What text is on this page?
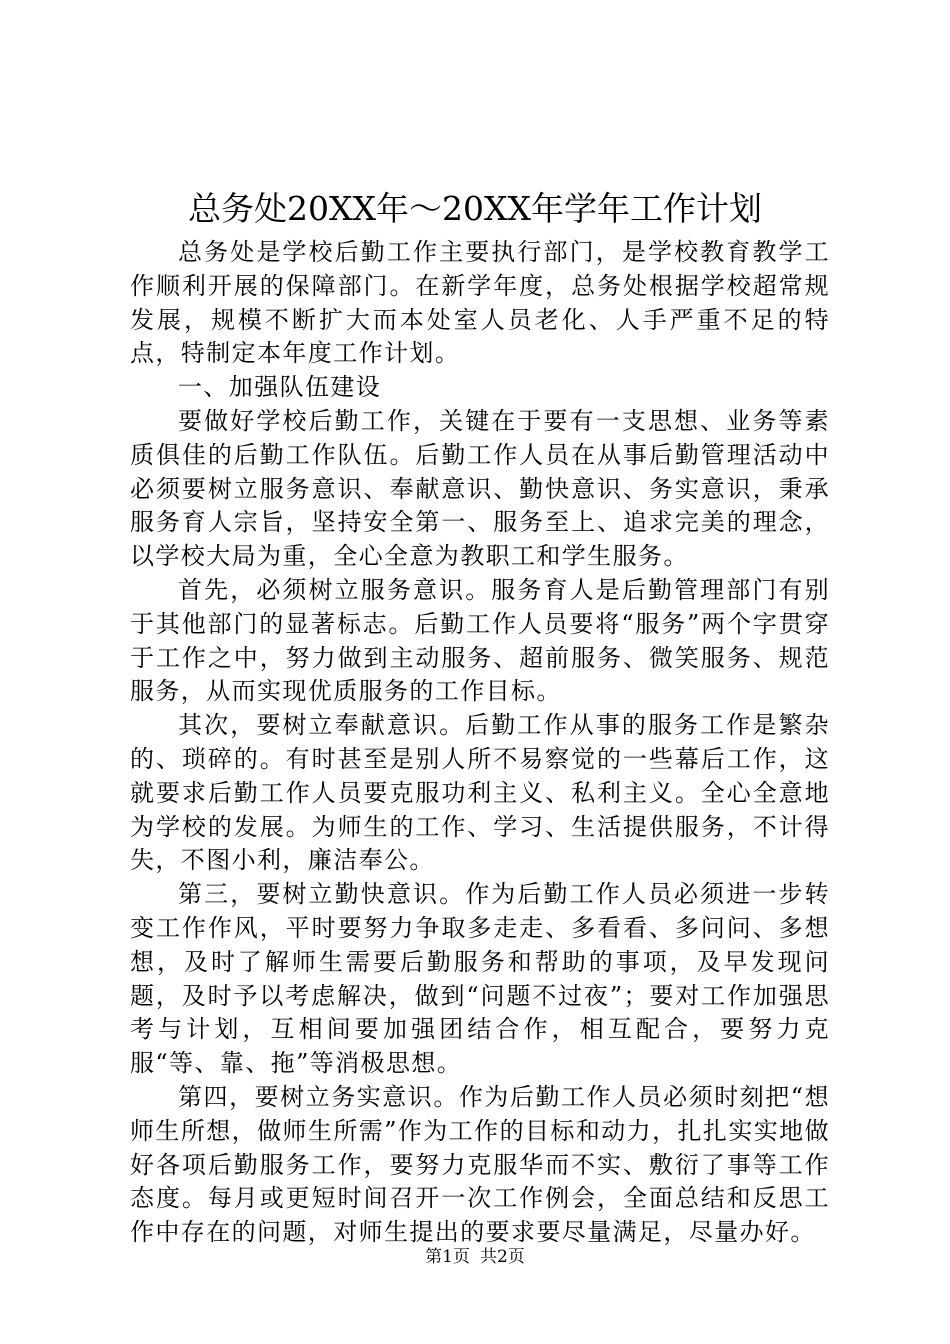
总务处20XX年～20XX年学年工作计划

总务处是学校后勤工作主要执行部门，是学校教育教学工作顺利开展的保障部门。在新学年度，总务处根据学校超常规发展，规模不断扩大而本处室人员老化、人手严重不足的特点，特制定本年度工作计划。

一、加强队伍建设

要做好学校后勤工作，关键在于要有一支思想、业务等素质俱佳的后勤工作队伍。后勤工作人员在从事后勤管理活动中必须要树立服务意识、奉献意识、勤快意识、务实意识，秉承服务育人宗旨，坚持安全第一、服务至上、追求完美的理念，以学校大局为重，全心全意为教职工和学生服务。

首先，必须树立服务意识。服务育人是后勤管理部门有别于其他部门的显著标志。后勤工作人员要将“服务”两个字贯穿于工作之中，努力做到主动服务、超前服务、微笑服务、规范服务，从而实现优质服务的工作目标。

其次，要树立奉献意识。后勤工作从事的服务工作是繁杂的、琐碎的。有时甚至是别人所不易察觉的一些幕后工作，这就要求后勤工作人员要克服功利主义、私利主义。全心全意地为学校的发展。为师生的工作、学习、生活提供服务，不计得失，不图小利，廉洁奉公。

第三，要树立勤快意识。作为后勤工作人员必须进一步转变工作作风，平时要努力争取多走走、多看看、多问问、多想想，及时了解师生需要后勤服务和帮助的事项，及早发现问题，及时予以考虑解决，做到“问题不过夜”；要对工作加强思考与计划，互相间要加强团结合作，相互配合，要努力克服“等、靠、拖”等消极思想。

第四，要树立务实意识。作为后勤工作人员必须时刻把“想师生所想，做师生所需”作为工作的目标和动力，扎扎实实地做好各项后勤服务工作，要努力克服华而不实、敷衍了事等工作态度。每月或更短时间召开一次工作例会，全面总结和反思工作中存在的问题，对师生提出的要求要尽量满足，尽量办好。

第1页 共2页
